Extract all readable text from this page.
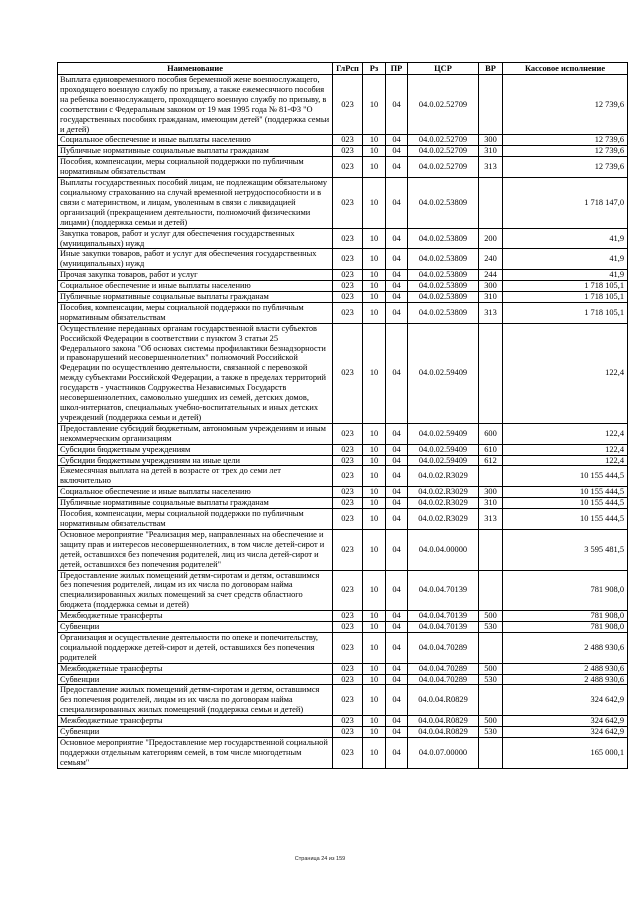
Наименование	ГлРсп	Рз	ПР	ЦСР	ВР	Кассовое исполнение
Выплата единовременного пособия беременной жене военнослужащего, проходящего военную службу по призыву, а также ежемесячного пособия на ребенка военнослужащего, проходящего военную службу по призыву, в соответствии с Федеральным законом от 19 мая 1995 года № 81-ФЗ "О государственных пособиях гражданам, имеющим детей" (поддержка семьи и детей)	023	10	04	04.0.02.52709		12 739,6
Социальное обеспечение и иные выплаты населению	023	10	04	04.0.02.52709	300	12 739,6
Публичные нормативные социальные выплаты гражданам	023	10	04	04.0.02.52709	310	12 739,6
Пособия, компенсации, меры социальной поддержки по публичным нормативным обязательствам	023	10	04	04.0.02.52709	313	12 739,6
Выплаты государственных пособий лицам, не подлежащим обязательному социальному страхованию на случай временной нетрудоспособности и в связи с материнством, и лицам, уволенным в связи с ликвидацией организаций (прекращением деятельности, полномочий физическими лицами) (поддержка семьи и детей)	023	10	04	04.0.02.53809		1 718 147,0
Закупка товаров, работ и услуг для обеспечения государственных (муниципальных) нужд	023	10	04	04.0.02.53809	200	41,9
Иные закупки товаров, работ и услуг для обеспечения государственных (муниципальных) нужд	023	10	04	04.0.02.53809	240	41,9
Прочая закупка товаров, работ и услуг	023	10	04	04.0.02.53809	244	41,9
Социальное обеспечение и иные выплаты населению	023	10	04	04.0.02.53809	300	1 718 105,1
Публичные нормативные социальные выплаты гражданам	023	10	04	04.0.02.53809	310	1 718 105,1
Пособия, компенсации, меры социальной поддержки по публичным нормативным обязательствам	023	10	04	04.0.02.53809	313	1 718 105,1
Осуществление переданных органам государственной власти субъектов Российской Федерации в соответствии с пунктом 3 статьи 25 Федерального закона "Об основах системы профилактики безнадзорности и правонарушений несовершеннолетних" полномочий Российской Федерации по осуществлению деятельности, связанной с перевозкой между субъектами Российской Федерации, а также в пределах территорий государств - участников Содружества Независимых Государств несовершеннолетних, самовольно ушедших из семей, детских домов, школ-интернатов, специальных учебно-воспитательных и иных детских учреждений (поддержка семьи и детей)	023	10	04	04.0.02.59409		122,4
Предоставление субсидий бюджетным, автономным учреждениям и иным некоммерческим организациям	023	10	04	04.0.02.59409	600	122,4
Субсидии бюджетным учреждениям	023	10	04	04.0.02.59409	610	122,4
Субсидии бюджетным учреждениям на иные цели	023	10	04	04.0.02.59409	612	122,4
Ежемесячная выплата на детей в возрасте от трех до семи лет включительно	023	10	04	04.0.02.R3029		10 155 444,5
Социальное обеспечение и иные выплаты населению	023	10	04	04.0.02.R3029	300	10 155 444,5
Публичные нормативные социальные выплаты гражданам	023	10	04	04.0.02.R3029	310	10 155 444,5
Пособия, компенсации, меры социальной поддержки по публичным нормативным обязательствам	023	10	04	04.0.02.R3029	313	10 155 444,5
Основное мероприятие "Реализация мер, направленных на обеспечение и защиту прав и интересов несовершеннолетних, в том числе детей-сирот и детей, оставшихся без попечения родителей, лиц из числа детей-сирот и детей, оставшихся без попечения родителей"	023	10	04	04.0.04.00000		3 595 481,5
Предоставление жилых помещений детям-сиротам и детям, оставшимся без попечения родителей, лицам из их числа по договорам найма специализированных жилых помещений за счет средств областного бюджета (поддержка семьи и детей)	023	10	04	04.0.04.70139		781 908,0
Межбюджетные трансферты	023	10	04	04.0.04.70139	500	781 908,0
Субвенции	023	10	04	04.0.04.70139	530	781 908,0
Организация и осуществление деятельности по опеке и попечительству, социальной поддержке детей-сирот и детей, оставшихся без попечения родителей	023	10	04	04.0.04.70289		2 488 930,6
Межбюджетные трансферты	023	10	04	04.0.04.70289	500	2 488 930,6
Субвенции	023	10	04	04.0.04.70289	530	2 488 930,6
Предоставление жилых помещений детям-сиротам и детям, оставшимся без попечения родителей, лицам из их числа по договорам найма специализированных жилых помещений (поддержка семьи и детей)	023	10	04	04.0.04.R0829		324 642,9
Межбюджетные трансферты	023	10	04	04.0.04.R0829	500	324 642,9
Субвенции	023	10	04	04.0.04.R0829	530	324 642,9
Основное мероприятие "Предоставление мер государственной социальной поддержки отдельным категориям семей, в том числе многодетным семьям"	023	10	04	04.0.07.00000		165 000,1
Страница 24 из 159
